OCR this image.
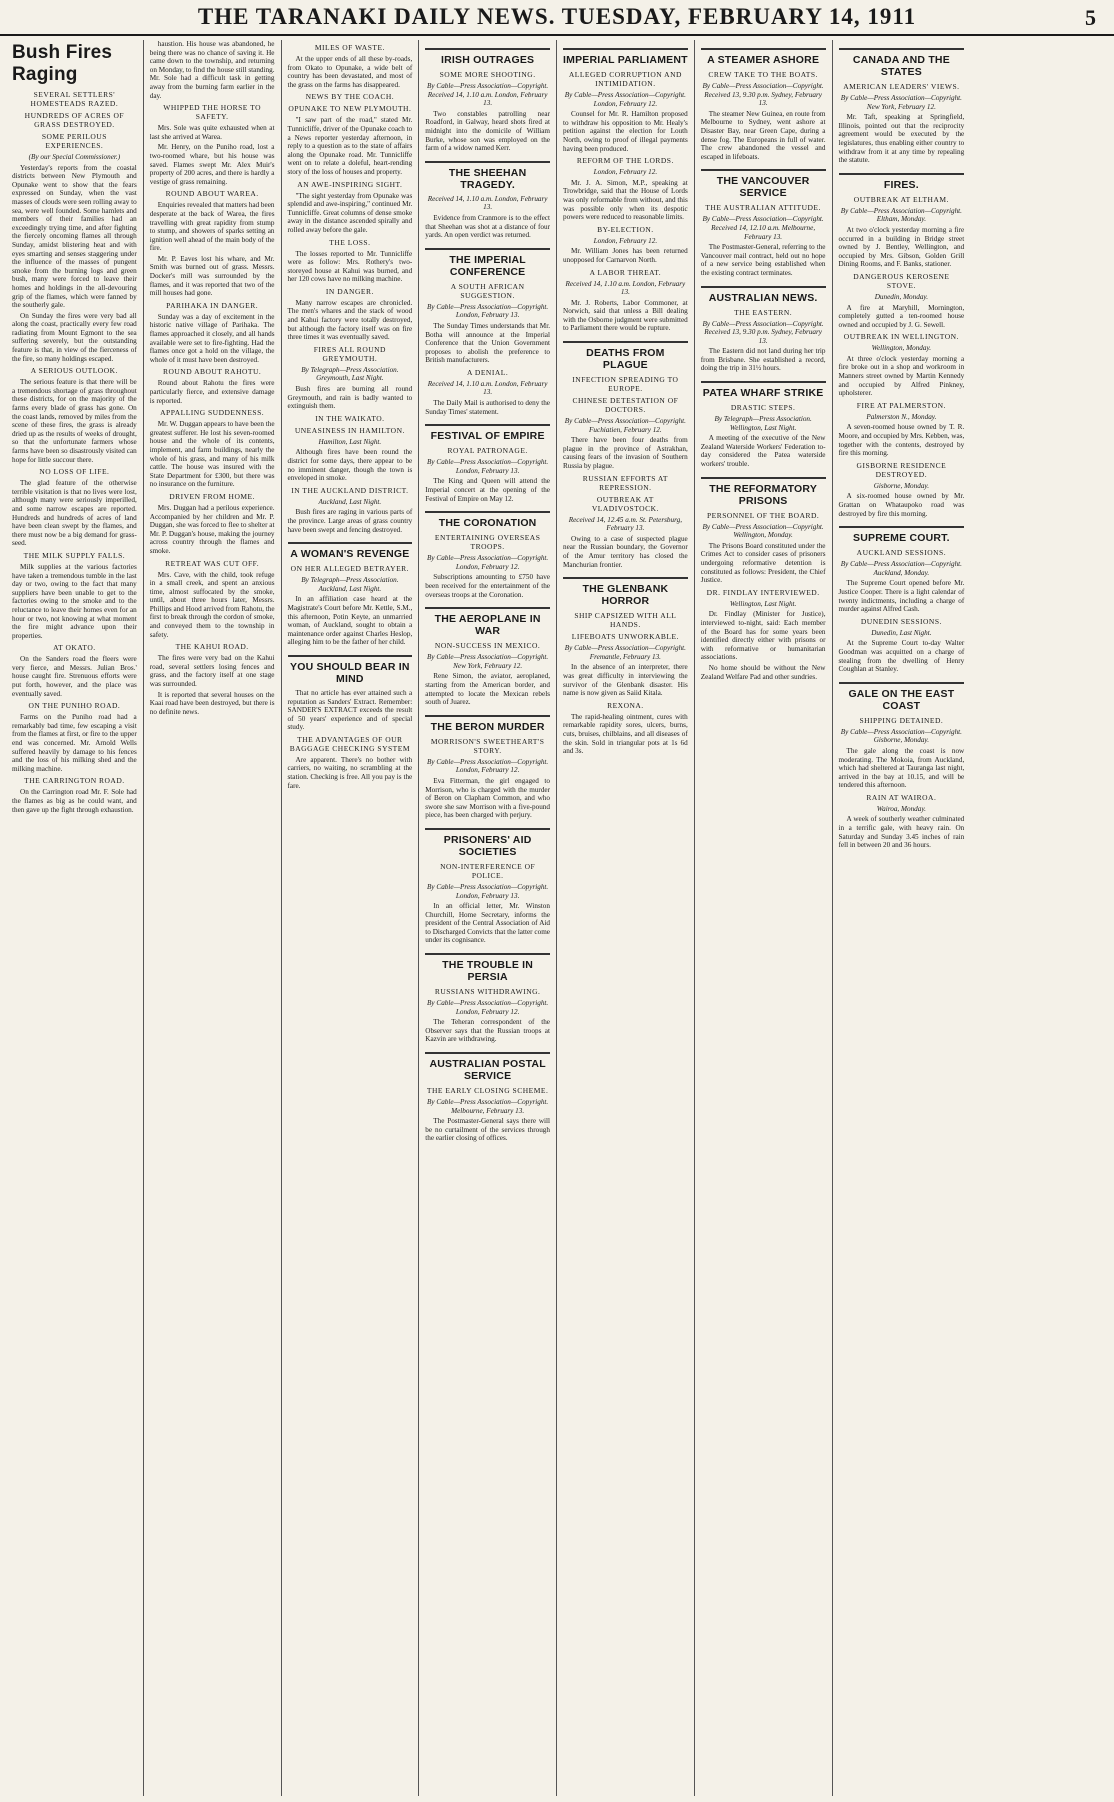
THE TARANAKI DAILY NEWS. TUESDAY, FEBRUARY 14, 1911	5
Bush Fires Raging
SEVERAL SETTLERS' HOMESTEADS RAZED.
HUNDREDS OF ACRES OF GRASS DESTROYED.
SOME PERILOUS EXPERIENCES.

(By our Special Commissioner.)

Yesterday's reports from the coastal districts between New Plymouth and Opunake went to show that the fears expressed on Sunday, when the vast masses of clouds were seen rolling away to sea, were well founded. Some hamlets and members of their families had an exceedingly trying time, and after fighting the fiercely oncoming flames all through Sunday, amidst blistering heat and with eyes smarting and senses staggering under the influence of the masses of pungent smoke from the burning logs and green bush, many were forced to leave their homes and holdings in the all-devouring grip of the flames, which were fanned by the southerly gale.

On Sunday the fires were very bad all along the coast, practically every few road radiating from Mount Egmont to the sea suffering severely, but the outstanding feature is that, in view of the fierceness of the fire, so many holdings escaped.

A SERIOUS OUTLOOK.

The serious feature is that there will be a tremendous shortage of grass throughout these districts, for on the majority of the farms every blade of grass has gone. On the coast lands, removed by miles from the scene of these fires, the grass is already dried up as the results of weeks of drought, so that the unfortunate farmers whose farms have been so disastrously visited can hope for little succour there.

NO LOSS OF LIFE.

The glad feature of the otherwise terrible visitation is that no lives were lost, although many were seriously imperilled, and some narrow escapes are reported. Hundreds and hundreds of acres of land have been clean swept by the flames, and there must now be a big demand for grass-seed.

THE MILK SUPPLY FALLS.

Milk supplies at the various factories have taken a tremendous tumble in the last day or two, owing to the fact that many suppliers have been unable to get to the factories owing to the smoke and to the reluctance to leave their homes even for an hour or two, not knowing at what moment the fire might advance upon their properties.

AT OKATO.

On the Sanders road the fleers were very fierce, and Messrs. Julian Bros.' house caught fire. Strenuous efforts were put forth, however, and the place was eventually saved.

ON THE PUNIHO ROAD.

Farms on the Puniho road had a remarkably bad time, few escaping a visit from the flames at first, or fire to the upper end was concerned. Mr. Arnold Wells suffered heavily by damage to his fences and the loss of his milking shed and the milking machine.

THE CARRINGTON ROAD.

On the Carrington road Mr. F. Sole had the flames as big as he could want, and then gave up the fight through exhaustion.

haustion. His house was abandoned, he being there was no chance of saving it. He came down to the township, and returning on Monday, to find the house still standing. Mr. Sole had a difficult task in getting away from the burning farm earlier in the day.

WHIPPED THE HORSE TO SAFETY.

Mrs. Sole was quite exhausted when at last she arrived at Warea.

Mr. Henry, on the Puniho road, lost a two-roomed whare, but his house was saved. Flames swept Mr. Alex Muir's property of 200 acres, and there is hardly a vestige of grass remaining.

ROUND ABOUT WAREA.

Enquiries revealed that matters had been desperate at the back of Warea, the fires travelling with great rapidity from stump to stump, and showers of sparks setting an ignition well ahead of the main body of the fire.

Mr. P. Eaves lost his whare, and Mr. Smith was burned out of grass. Messrs. Docker's mill was surrounded by the flames, and it was reported that two of the mill houses had gone.

PARIHAKA IN DANGER.

Sunday was a day of excitement in the historic native village of Parihaka. The flames approached it closely, and all hands available were set to fire-fighting. Had the flames once got a hold on the village, the whole of it must have been destroyed.

ROUND ABOUT RAHOTU.

Round about Rahotu the fires were particularly fierce, and extensive damage is reported.

APPALLING SUDDENNESS.

Mr. W. Duggan appears to have been the greatest sufferer. He lost his seven-roomed house and the whole of its contents, implement, and farm buildings, nearly the whole of his grass, and many of his milk cattle. The house was insured with the State Department for £300, but there was no insurance on the furniture.

DRIVEN FROM HOME.

Mrs. Duggan had a perilous experience. Accompanied by her children and Mr. P. Duggan, she was forced to flee to shelter at Mr. P. Duggan's house, making the journey across country through the flames and smoke.

RETREAT WAS CUT OFF.

Mrs. Cave, with the child, took refuge in a small creek, and spent an anxious time, almost suffocated by the smoke, until, about three hours later, Messrs. Phillips and Hood arrived from Rahotu, the first to break through the cordon of smoke, and conveyed them to the township in safety.

THE KAHUI ROAD.

The fires were very bad on the Kahui road, several settlers losing fences and grass, and the factory itself at one stage was surrounded.

It is reported that several houses on the Kaai road have been destroyed, but there is no definite news.

MILES OF WASTE.

At the upper ends of all these by-roads, from Okato to Opunake, a wide belt of country has been devastated, and most of the grass on the farms has disappeared.

NEWS BY THE COACH.
OPUNAKE TO NEW PLYMOUTH.

"I saw part of the road," stated Mr. Tunnicliffe, driver of the Opunake coach to a News reporter yesterday afternoon, in reply to a question as to the state of affairs along the Opunake road. Mr. Tunnicliffe went on to relate a doleful, heart-rending story of the loss of houses and property.

AN AWE-INSPIRING SIGHT.

"The sight yesterday from Opunake was splendid and awe-inspiring," continued Mr. Tunnicliffe. Great columns of dense smoke away in the distance ascended spirally and rolled away before the gale.

THE LOSS.

The losses reported to Mr. Tunnicliffe were as follow: Mrs. Rothery's two-storeyed house at Kahui was burned, and her 120 cows have no milking machine.

IN DANGER.

Many narrow escapes are chronicled. The men's whares and the stack of wood and Kahui factory were totally destroyed, but although the factory itself was on fire three times it was eventually saved.

FIRES ALL ROUND GREYMOUTH.

By Telegraph—Press Association. Greymouth, Last Night.

Bush fires are burning all round Greymouth, and rain is badly wanted to extinguish them.

IN THE WAIKATO.
UNEASINESS IN HAMILTON.

Hamilton, Last Night.

Although fires have been round the district for some days, there appear to be no imminent danger, though the town is enveloped in smoke.

IN THE AUCKLAND DISTRICT.

Auckland, Last Night.

Bush fires are raging in various parts of the province. Large areas of grass country have been swept and fencing destroyed.

A WOMAN'S REVENGE
ON HER ALLEGED BETRAYER.

By Telegraph—Press Association. Auckland, Last Night.

In an affiliation case heard at the Magistrate's Court before Mr. Kettle, S.M., this afternoon, Potin Keyte, an unmarried woman, of Auckland, sought to obtain a maintenance order against Charles Heslop, alleging him to be the father of her child.

YOU SHOULD BEAR IN MIND

That no article has ever attained such a reputation as Sanders' Extract. Remember: SANDER'S EXTRACT exceeds the result of 50 years' experience and of special study.

THE ADVANTAGES OF OUR BAGGAGE CHECKING SYSTEM

Are apparent. There's no bother with carriers, no waiting, no scrambling at the station. Checking is free. All you pay is the fare.

IRISH OUTRAGES
SOME MORE SHOOTING.

By Cable—Press Association—Copyright. Received 14, 1.10 a.m. London, February 13.

Two constables patrolling near Roadford, in Galway, heard shots fired at midnight into the domicile of William Burke, whose son was employed on the farm of a widow named Kerr.

THE SHEEHAN TRAGEDY.

Received 14, 1.10 a.m. London, February 13.

Evidence from Cranmore is to the effect that Sheehan was shot at a distance of four yards. An open verdict was returned.

THE IMPERIAL CONFERENCE
A SOUTH AFRICAN SUGGESTION.

By Cable—Press Association—Copyright. London, February 13.

The Sunday Times understands that Mr. Botha will announce at the Imperial Conference that the Union Government proposes to abolish the preference to British manufacturers.

A DENIAL.

Received 14, 1.10 a.m. London, February 13.

The Daily Mail is authorised to deny the Sunday Times' statement.

FESTIVAL OF EMPIRE
ROYAL PATRONAGE.

By Cable—Press Association—Copyright. London, February 13.

The King and Queen will attend the Imperial concert at the opening of the Festival of Empire on May 12.

THE CORONATION
ENTERTAINING OVERSEAS TROOPS.

By Cable—Press Association—Copyright. London, February 12.

Subscriptions amounting to £750 have been received for the entertainment of the overseas troops at the Coronation.

THE AEROPLANE IN WAR
NON-SUCCESS IN MEXICO.

By Cable—Press Association—Copyright. New York, February 12.

Rene Simon, the aviator, aeroplaned, starting from the American border, and attempted to locate the Mexican rebels south of Juarez.

THE BERON MURDER
MORRISON'S SWEETHEART'S STORY.

By Cable—Press Association—Copyright. London, February 12.

Eva Fitterman, the girl engaged to Morrison, who is charged with the murder of Beron on Clapham Common, and who swore she saw Morrison with a five-pound piece, has been charged with perjury.

PRISONERS' AID SOCIETIES
NON-INTERFERENCE OF POLICE.

By Cable—Press Association—Copyright. London, February 13.

In an official letter, Mr. Winston Churchill, Home Secretary, informs the president of the Central Association of Aid to Discharged Convicts that the latter come under its cognisance.

THE TROUBLE IN PERSIA
RUSSIANS WITHDRAWING.

By Cable—Press Association—Copyright. London, February 12.

The Teheran correspondent of the Observer says that the Russian troops at Kazvin are withdrawing.

AUSTRALIAN POSTAL SERVICE
THE EARLY CLOSING SCHEME.

By Cable—Press Association—Copyright. Melbourne, February 13.

The Postmaster-General says there will be no curtailment of the services through the earlier closing of offices.

IMPERIAL PARLIAMENT
ALLEGED CORRUPTION AND INTIMIDATION.

By Cable—Press Association—Copyright. London, February 12.

Counsel for Mr. R. Hamilton proposed to withdraw his opposition to Mr. Healy's petition against the election for Louth North, owing to proof of illegal payments having been produced.

REFORM OF THE LORDS.

London, February 12.

Mr. J. A. Simon, M.P., speaking at Trowbridge, said that the House of Lords was only reformable from without, and this was possible only when its despotic powers were reduced to reasonable limits.

BY-ELECTION.

London, February 12.

Mr. William Jones has been returned unopposed for Carnarvon North.

A LABOR THREAT.

Received 14, 1.10 a.m. London, February 13.

Mr. J. Roberts, Labor Commoner, at Norwich, said that unless a Bill dealing with the Osborne judgment were submitted to Parliament there would be rupture.

DEATHS FROM PLAGUE
INFECTION SPREADING TO EUROPE.
CHINESE DETESTATION OF DOCTORS.

By Cable—Press Association—Copyright. Fuchiatien, February 12.

There have been four deaths from plague in the province of Astrakhan, causing fears of the invasion of Southern Russia by plague.

RUSSIAN EFFORTS AT REPRESSION.
OUTBREAK AT VLADIVOSTOCK.

Received 14, 12.45 a.m. St. Petersburg, February 13.

Owing to a case of suspected plague near the Russian boundary, the Governor of the Amur territory has closed the Manchurian frontier.

THE GLENBANK HORROR
SHIP CAPSIZED WITH ALL HANDS.
LIFEBOATS UNWORKABLE.

By Cable—Press Association—Copyright. Fremantle, February 13.

In the absence of an interpreter, there was great difficulty in interviewing the survivor of the Glenbank disaster. His name is now given as Saiid Kitala.

REXONA.

The rapid-healing ointment, cures with remarkable rapidity sores, ulcers, burns, cuts, bruises, chilblains, and all diseases of the skin. Sold in triangular pots at 1s 6d and 3s.

A STEAMER ASHORE
CREW TAKE TO THE BOATS.

By Cable—Press Association—Copyright. Received 13, 9.30 p.m. Sydney, February 13.

The steamer New Guinea, en route from Melbourne to Sydney, went ashore at Disaster Bay, near Green Cape, during a dense fog. The Europeans in full of water. The crew abandoned the vessel and escaped in lifeboats.

THE VANCOUVER SERVICE
THE AUSTRALIAN ATTITUDE.

By Cable—Press Association—Copyright. Received 14, 12.10 a.m. Melbourne, February 13.

The Postmaster-General, referring to the Vancouver mail contract, held out no hope of a new service being established when the existing contract terminates.

AUSTRALIAN NEWS.
THE EASTERN.

By Cable—Press Association—Copyright. Received 13, 9.30 p.m. Sydney, February 13.

The Eastern did not land during her trip from Brisbane. She established a record, doing the trip in 31½ hours.

PATEA WHARF STRIKE
DRASTIC STEPS.

By Telegraph—Press Association. Wellington, Last Night.

A meeting of the executive of the New Zealand Waterside Workers' Federation to-day considered the Patea waterside workers' trouble.

THE REFORMATORY PRISONS
PERSONNEL OF THE BOARD.

By Cable—Press Association—Copyright. Wellington, Monday.

The Prisons Board constituted under the Crimes Act to consider cases of prisoners undergoing reformative detention is constituted as follows: President, the Chief Justice.

DR. FINDLAY INTERVIEWED.

Wellington, Last Night.

Dr. Findlay (Minister for Justice), interviewed to-night, said: Each member of the Board has for some years been identified directly either with prisons or with reformative or humanitarian associations.

No home should be without the New Zealand Welfare Pad and other sundries.

CANADA AND THE STATES
AMERICAN LEADERS' VIEWS.

By Cable—Press Association—Copyright. New York, February 12.

Mr. Taft, speaking at Springfield, Illinois, pointed out that the reciprocity agreement would be executed by the legislatures, thus enabling either country to withdraw from it at any time by repealing the statute.

FIRES.
OUTBREAK AT ELTHAM.

By Cable—Press Association—Copyright. Eltham, Monday.

At two o'clock yesterday morning a fire occurred in a building in Bridge street owned by J. Bentley, Wellington, and occupied by Mrs. Gibson, Golden Grill Dining Rooms, and F. Banks, stationer.

DANGEROUS KEROSENE STOVE.

Dunedin, Monday.

A fire at Maryhill, Mornington, completely gutted a ten-roomed house owned and occupied by J. G. Sewell.

OUTBREAK IN WELLINGTON.

Wellington, Monday.

At three o'clock yesterday morning a fire broke out in a shop and workroom in Manners street owned by Martin Kennedy and occupied by Alfred Pinkney, upholsterer.

FIRE AT PALMERSTON.

Palmerston N., Monday.

A seven-roomed house owned by T. R. Moore, and occupied by Mrs. Kebben, was, together with the contents, destroyed by fire this morning.

GISBORNE RESIDENCE DESTROYED.

Gisborne, Monday.

A six-roomed house owned by Mr. Grattan on Whataupoko road was destroyed by fire this morning.

SUPREME COURT.
AUCKLAND SESSIONS.

By Cable—Press Association—Copyright. Auckland, Monday.

The Supreme Court opened before Mr. Justice Cooper. There is a light calendar of twenty indictments, including a charge of murder against Alfred Cash.

DUNEDIN SESSIONS.

Dunedin, Last Night.

At the Supreme Court to-day Walter Goodman was acquitted on a charge of stealing from the dwelling of Henry Coughlan at Stanley.

GALE ON THE EAST COAST
SHIPPING DETAINED.

By Cable—Press Association—Copyright. Gisborne, Monday.

The gale along the coast is now moderating. The Mokoia, from Auckland, which had sheltered at Tauranga last night, arrived in the bay at 10.15, and will be tendered this afternoon.

RAIN AT WAIROA.

Wairoa, Monday.

A week of southerly weather culminated in a terrific gale, with heavy rain. On Saturday and Sunday 3.45 inches of rain fell in between 20 and 36 hours.
